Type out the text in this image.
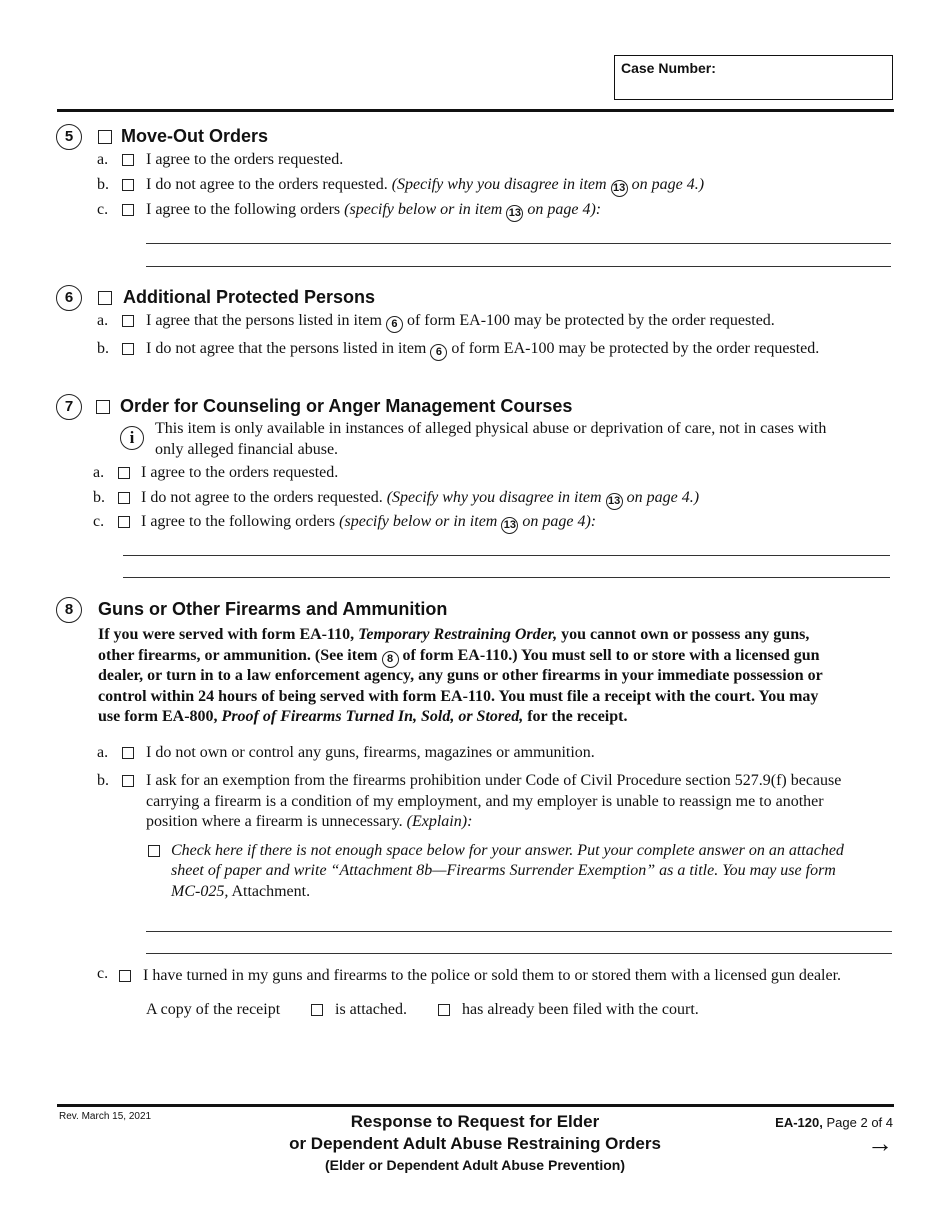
Case Number:
5	Move-Out Orders
a. I agree to the orders requested.
b. I do not agree to the orders requested. (Specify why you disagree in item 13 on page 4.)
c. I agree to the following orders (specify below or in item 13 on page 4):
6	Additional Protected Persons
a. I agree that the persons listed in item 6 of form EA-100 may be protected by the order requested.
b. I do not agree that the persons listed in item 6 of form EA-100 may be protected by the order requested.
7	Order for Counseling or Anger Management Courses
i	This item is only available in instances of alleged physical abuse or deprivation of care, not in cases with
only alleged financial abuse.
a. I agree to the orders requested.
b. I do not agree to the orders requested. (Specify why you disagree in item 13 on page 4.)
c. I agree to the following orders (specify below or in item 13 on page 4):
8	Guns or Other Firearms and Ammunition
If you were served with form EA-110, Temporary Restraining Order, you cannot own or possess any guns,
other firearms, or ammunition. (See item 8 of form EA-110.) You must sell to or store with a licensed gun
dealer, or turn in to a law enforcement agency, any guns or other firearms in your immediate possession or
control within 24 hours of being served with form EA-110. You must file a receipt with the court. You may
use form EA-800, Proof of Firearms Turned In, Sold, or Stored, for the receipt.
a. I do not own or control any guns, firearms, magazines or ammunition.
b. I ask for an exemption from the firearms prohibition under Code of Civil Procedure section 527.9(f) because
carrying a firearm is a condition of my employment, and my employer is unable to reassign me to another
position where a firearm is unnecessary. (Explain):
Check here if there is not enough space below for your answer. Put your complete answer on an attached
sheet of paper and write “Attachment 8b—Firearms Surrender Exemption” as a title. You may use form
MC-025, Attachment.
c. I have turned in my guns and firearms to the police or sold them to or stored them with a licensed gun dealer.
A copy of the receipt	is attached.	has already been filed with the court.
Rev. March 15, 2021	Response to Request for Elder
or Dependent Adult Abuse Restraining Orders
(Elder or Dependent Adult Abuse Prevention)
EA-120, Page 2 of 4
→
